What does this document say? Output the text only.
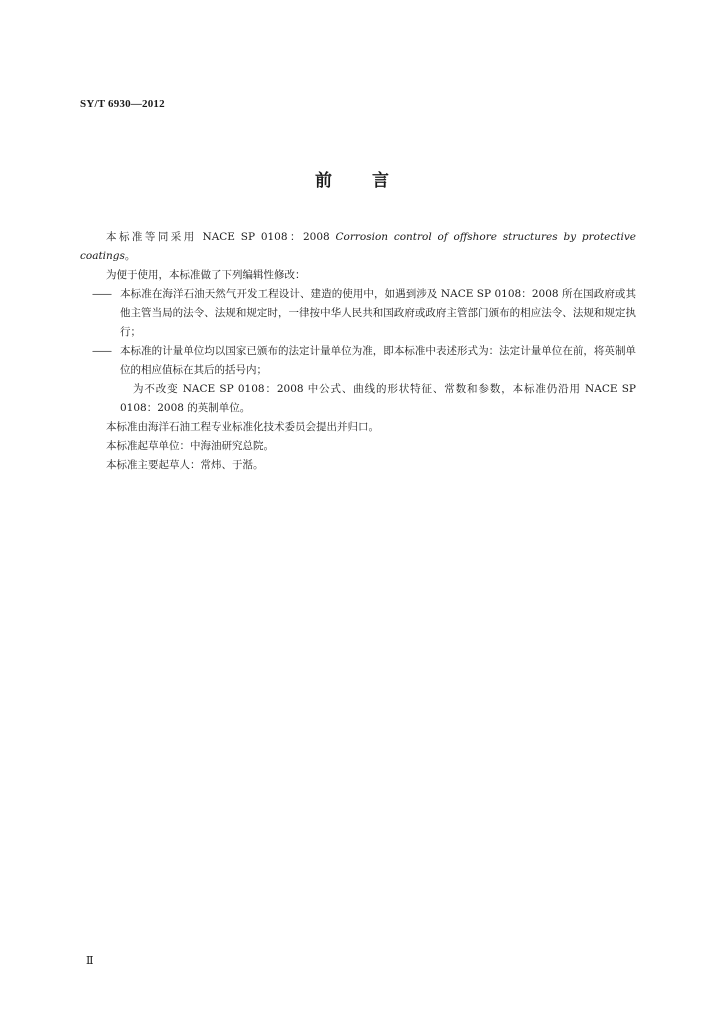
SY/T 6930—2012
前 言

本标准等同采用 NACE SP 0108：2008 Corrosion control of offshore structures by protective coatings。

为便于使用，本标准做了下列编辑性修改：

—— 本标准在海洋石油天然气开发工程设计、建造的使用中，如遇到涉及 NACE SP 0108：2008 所在国政府或其他主管当局的法令、法规和规定时，一律按中华人民共和国政府或政府主管部门颁布的相应法令、法规和规定执行；

—— 本标准的计量单位均以国家已颁布的法定计量单位为准，即本标准中表述形式为：法定计量单位在前，将英制单位的相应值标在其后的括号内；

为不改变 NACE SP 0108：2008 中公式、曲线的形状特征、常数和参数，本标准仍沿用 NACE SP 0108：2008 的英制单位。

本标准由海洋石油工程专业标准化技术委员会提出并归口。

本标准起草单位：中海油研究总院。

本标准主要起草人：常炜、于湉。

Ⅱ
